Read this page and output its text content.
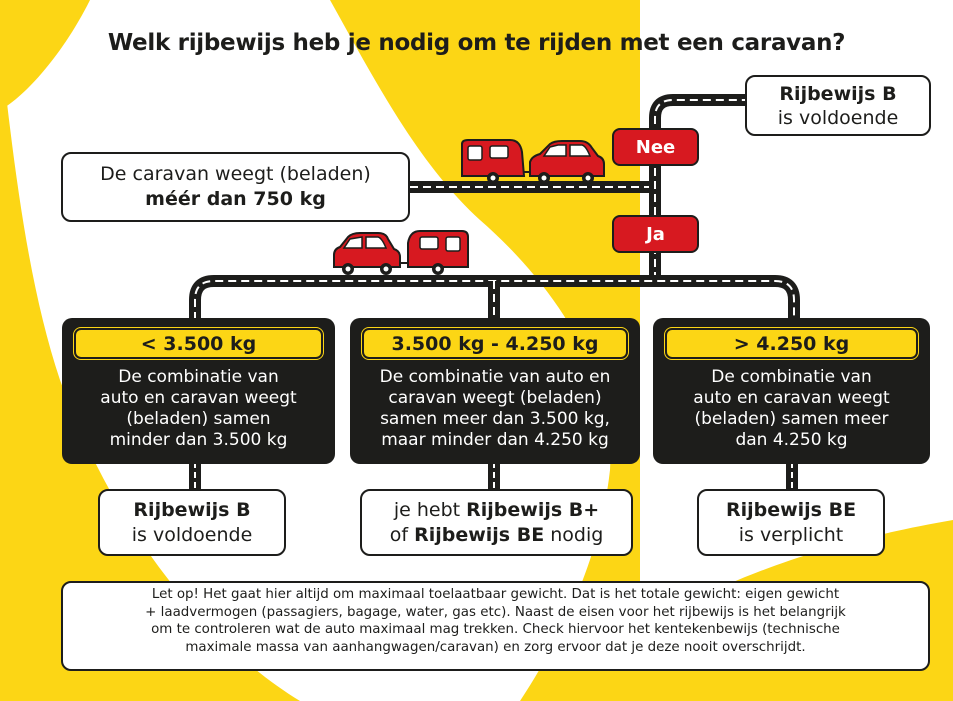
Welk rijbewijs heb je nodig om te rijden met een caravan?
De caravan weegt (beladen)
méér dan 750 kg
Nee
Ja
Rijbewijs B
is voldoende
< 3.500 kg
De combinatie van
auto en caravan weegt
(beladen) samen
minder dan 3.500 kg
3.500 kg - 4.250 kg
De combinatie van auto en
caravan weegt (beladen)
samen meer dan 3.500 kg,
maar minder dan 4.250 kg
> 4.250 kg
De combinatie van
auto en caravan weegt
(beladen) samen meer
dan 4.250 kg
Rijbewijs B
is voldoende
je hebt Rijbewijs B+
of Rijbewijs BE nodig
Rijbewijs BE
is verplicht
Let op! Het gaat hier altijd om maximaal toelaatbaar gewicht. Dat is het totale gewicht: eigen gewicht
+ laadvermogen (passagiers, bagage, water, gas etc). Naast de eisen voor het rijbewijs is het belangrijk
om te controleren wat de auto maximaal mag trekken. Check hiervoor het kentekenbewijs (technische
maximale massa van aanhangwagen/caravan) en zorg ervoor dat je deze nooit overschrijdt.
